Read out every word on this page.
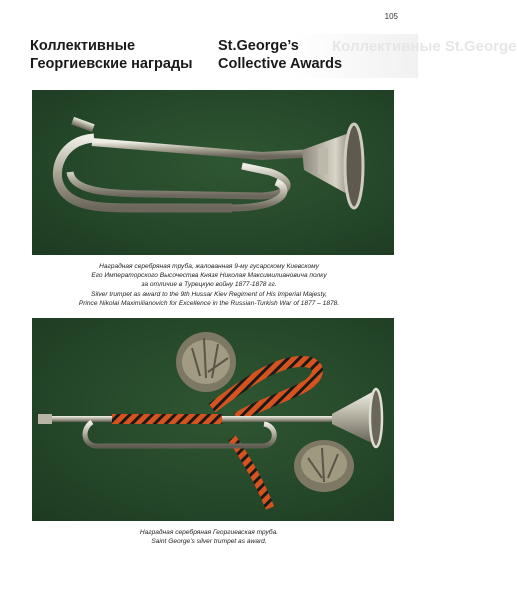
105
Коллективные St.George
Коллективные
Георгиевские награды
St.George’s
Collective Awards
Наградная серебряная труба, жалованная 9-му гусарскому Киевскому
Его Императорского Высочества Князя Николая Максимилиановича полку
за отличие в Турецкую войну 1877-1878 гг.
Silver trumpet as award to the 9th Hussar Kiev Regiment of His Imperial Majesty,
Prince Nikolai Maximilianovich for Excellence in the Russian-Turkish War of 1877 – 1878.
Наградная серебряная Георгиевская труба.
Saint George’s silver trumpet as award.
